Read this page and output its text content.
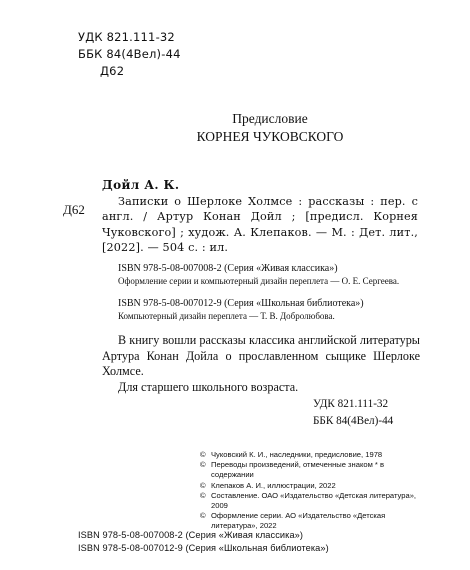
УДК 821.111-32
ББК 84(4Вел)-44
Д62
Предисловие
КОРНЕЯ ЧУКОВСКОГО
Д62
Дойл А. К.

Записки о Шерлоке Холмсе : рассказы : пер. с англ. / Артур Конан Дойл ; [предисл. Корнея Чуковского] ; худож. А. Клепаков. — М. : Дет. лит., [2022]. — 504 с. : ил.

ISBN 978-5-08-007008-2 (Серия «Живая классика»)
Оформление серии и компьютерный дизайн переплета — О. Е. Сергеева.
ISBN 978-5-08-007012-9 (Серия «Школьная библиотека»)
Компьютерный дизайн переплета — Т. В. Добролюбова.

В книгу вошли рассказы классика английской литературы Артура Конан Дойла о прославленном сыщике Шерлоке Холмсе.

Для старшего школьного возраста.

УДК 821.111-32
ББК 84(4Вел)-44
© Чуковский К. И., наследники, предисловие, 1978
© Переводы произведений, отмеченные знаком * в содержании
© Клепаков А. И., иллюстрации, 2022
© Составление. ОАО «Издательство «Детская литература», 2009
© Оформление серии. АО «Издательство «Детская литература», 2022
ISBN 978-5-08-007008-2 (Серия «Живая классика»)
ISBN 978-5-08-007012-9 (Серия «Школьная библиотека»)
